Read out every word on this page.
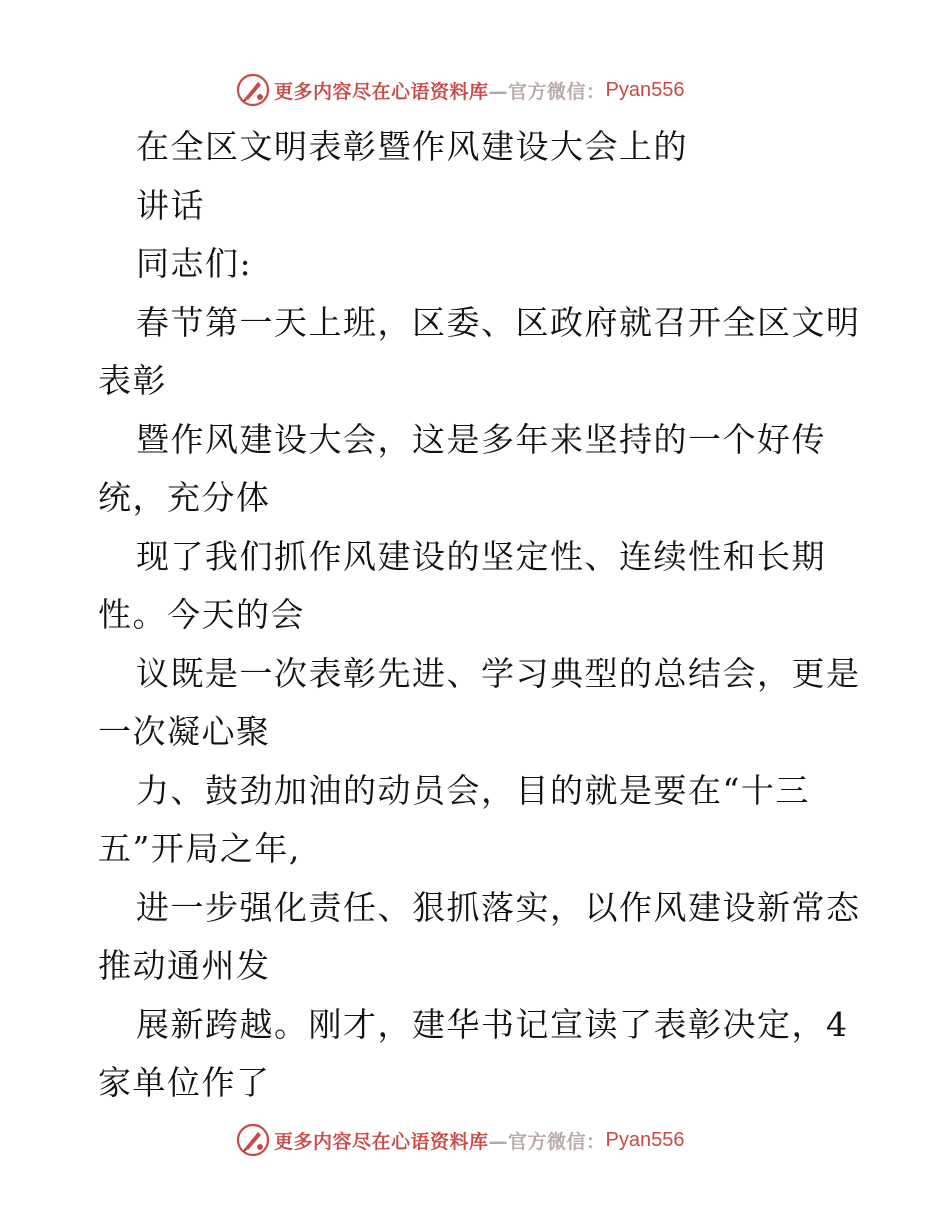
更多内容尽在心语资料库 —官方微信： Pyan556
在全区文明表彰暨作风建设大会上的
讲话
同志们:
春节第一天上班，区委、区政府就召开全区文明
表彰
暨作风建设大会，这是多年来坚持的一个好传
统，充分体
现了我们抓作风建设的坚定性、连续性和长期
性。今天的会
议既是一次表彰先进、学习典型的总结会，更是
一次凝心聚
力、鼓劲加油的动员会，目的就是要在“十三
五”开局之年,
进一步强化责任、狠抓落实，以作风建设新常态
推动通州发
展新跨越。刚才，建华书记宣读了表彰决定，4
家单位作了
更多内容尽在心语资料库 —官方微信： Pyan556
